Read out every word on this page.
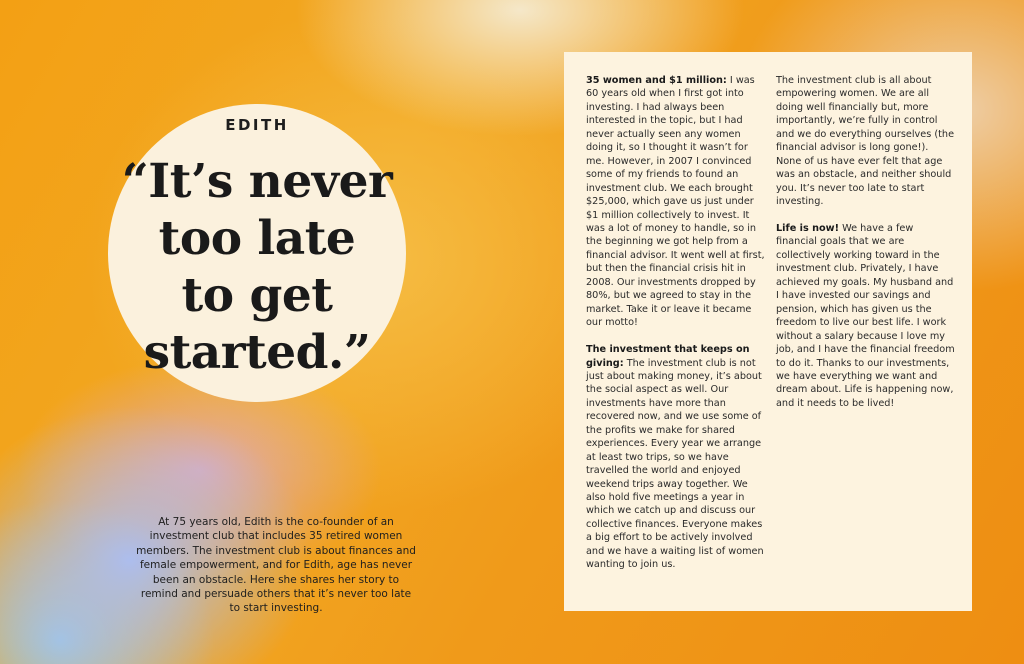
EDITH
“It’s never
too late
to get
started.”

At 75 years old, Edith is the co-founder of an investment club that includes 35 retired women members. The investment club is about finances and female empowerment, and for Edith, age has never been an obstacle. Here she shares her story to remind and persuade others that it’s never too late to start investing.

35 women and $1 million: I was 60 years old when I first got into investing. I had always been interested in the topic, but I had never actually seen any women doing it, so I thought it wasn’t for me. However, in 2007 I convinced some of my friends to found an investment club. We each brought $25,000, which gave us just under $1 million collectively to invest. It was a lot of money to handle, so in the beginning we got help from a financial advisor. It went well at first, but then the financial crisis hit in 2008. Our investments dropped by 80%, but we agreed to stay in the market. Take it or leave it became our motto!

The investment that keeps on giving: The investment club is not just about making money, it’s about the social aspect as well. Our investments have more than recovered now, and we use some of the profits we make for shared experiences. Every year we arrange at least two trips, so we have travelled the world and enjoyed weekend trips away together. We also hold five meetings a year in which we catch up and discuss our collective finances. Everyone makes a big effort to be actively involved and we have a waiting list of women wanting to join us.

The investment club is all about empowering women. We are all doing well financially but, more importantly, we’re fully in control and we do everything ourselves (the financial advisor is long gone!). None of us have ever felt that age was an obstacle, and neither should you. It’s never too late to start investing.

Life is now! We have a few financial goals that we are collectively working toward in the investment club. Privately, I have achieved my goals. My husband and I have invested our savings and pension, which has given us the freedom to live our best life. I work without a salary because I love my job, and I have the financial freedom to do it. Thanks to our investments, we have everything we want and dream about. Life is happening now, and it needs to be lived!
